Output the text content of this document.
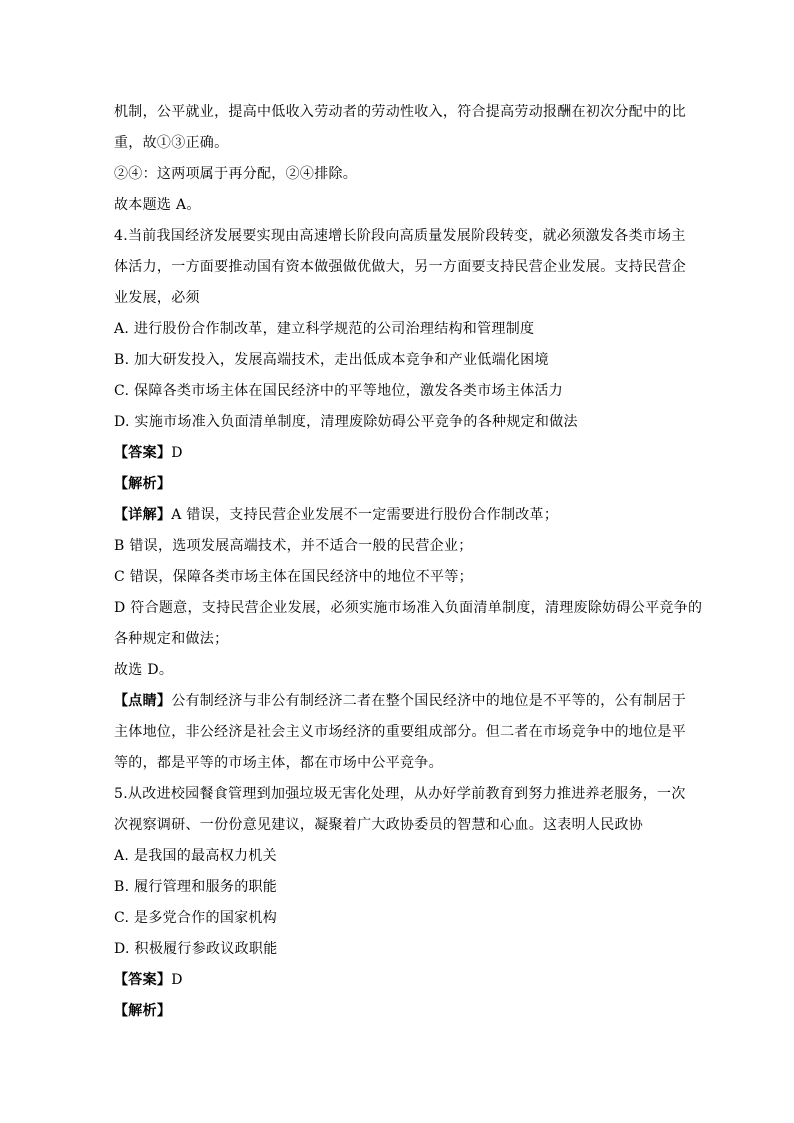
机制，公平就业，提高中低收入劳动者的劳动性收入，符合提高劳动报酬在初次分配中的比
重，故①③正确。
②④：这两项属于再分配，②④排除。
故本题选 A。
4.当前我国经济发展要实现由高速增长阶段向高质量发展阶段转变，就必须激发各类市场主
体活力，一方面要推动国有资本做强做优做大，另一方面要支持民营企业发展。支持民营企
业发展，必须
A. 进行股份合作制改革，建立科学规范的公司治理结构和管理制度
B. 加大研发投入，发展高端技术，走出低成本竞争和产业低端化困境
C. 保障各类市场主体在国民经济中的平等地位，激发各类市场主体活力
D. 实施市场准入负面清单制度，清理废除妨碍公平竞争的各种规定和做法
【答案】D
【解析】
【详解】A 错误，支持民营企业发展不一定需要进行股份合作制改革；
B 错误，选项发展高端技术，并不适合一般的民营企业；
C 错误，保障各类市场主体在国民经济中的地位不平等；
D 符合题意，支持民营企业发展，必须实施市场准入负面清单制度，清理废除妨碍公平竞争的
各种规定和做法；
故选 D。
【点睛】公有制经济与非公有制经济二者在整个国民经济中的地位是不平等的，公有制居于
主体地位，非公经济是社会主义市场经济的重要组成部分。但二者在市场竞争中的地位是平
等的，都是平等的市场主体，都在市场中公平竞争。
5.从改进校园餐食管理到加强垃圾无害化处理，从办好学前教育到努力推进养老服务，一次
次视察调研、一份份意见建议，凝聚着广大政协委员的智慧和心血。这表明人民政协
A. 是我国的最高权力机关
B. 履行管理和服务的职能
C. 是多党合作的国家机构
D. 积极履行参政议政职能
【答案】D
【解析】
